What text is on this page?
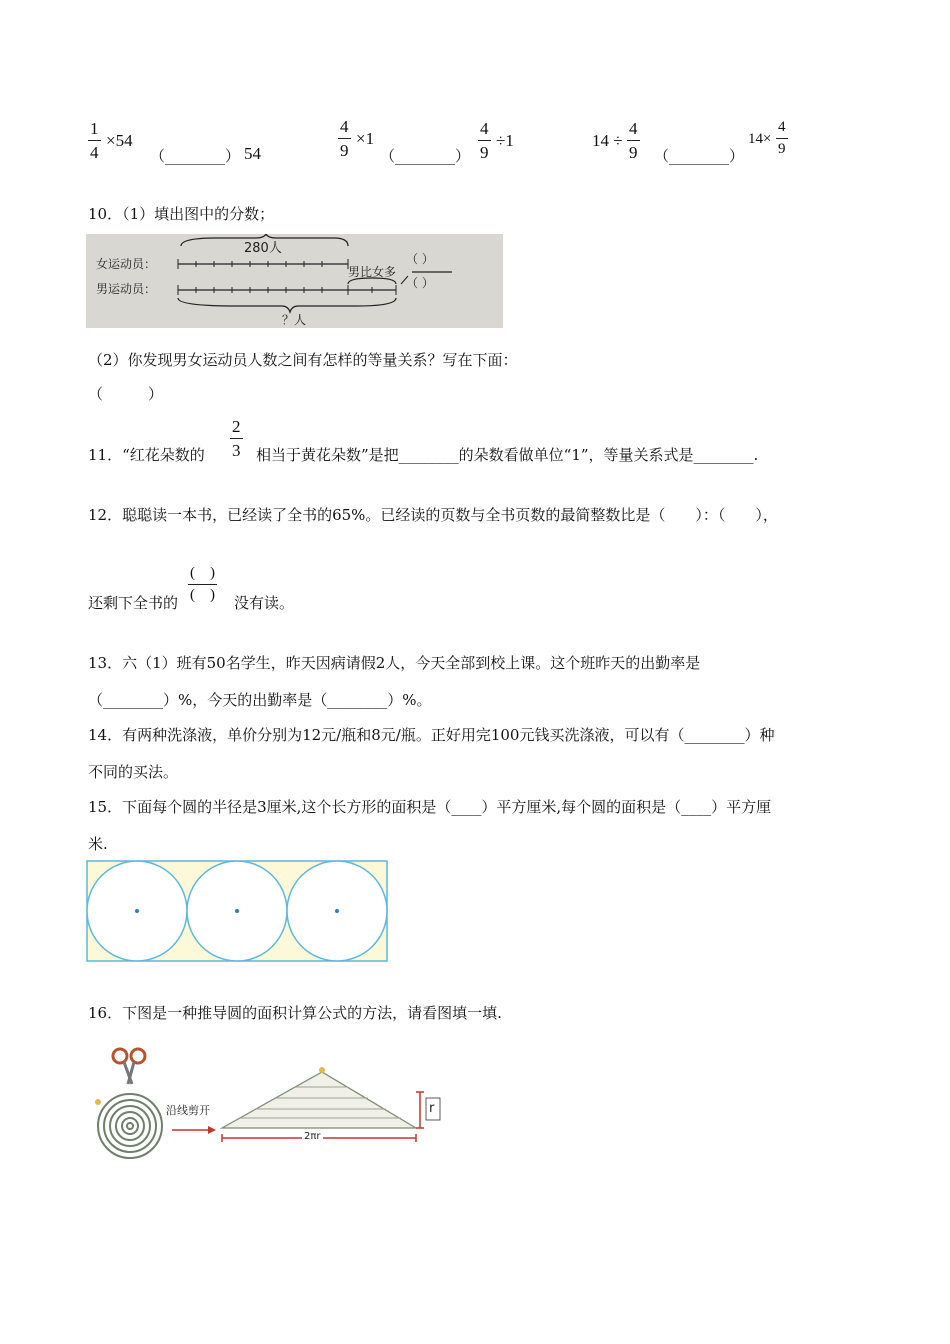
1
4
×54
（________） 54
4
9
×1
（________）
4
9
÷1	14 ÷
4
9 （________）
14×
4
9
10．（1）填出图中的分数；
280人
女运动员：
男运动员：
男比女多
（ ）
（ ）
？人
（2）你发现男女运动员人数之间有怎样的等量关系？写在下面：
（　　　）
11．“红花朵数的
2
3 相当于黄花朵数”是把________的朵数看做单位“1”，等量关系式是________.
12．聪聪读一本书，已经读了全书的65%。已经读的页数与全书页数的最简整数比是（　　）：（　　），
还剩下全书的
(　)
(　) 没有读。
13．六（1）班有50名学生，昨天因病请假2人，今天全部到校上课。这个班昨天的出勤率是
（________）%，今天的出勤率是（________）%。
14．有两种洗涤液，单价分别为12元/瓶和8元/瓶。正好用完100元钱买洗涤液，可以有（________）种
不同的买法。
15．下面每个圆的半径是3厘米,这个长方形的面积是（____）平方厘米,每个圆的面积是（____）平方厘
米.
16．下图是一种推导圆的面积计算公式的方法，请看图填一填.
沿线剪开	r
2πr
